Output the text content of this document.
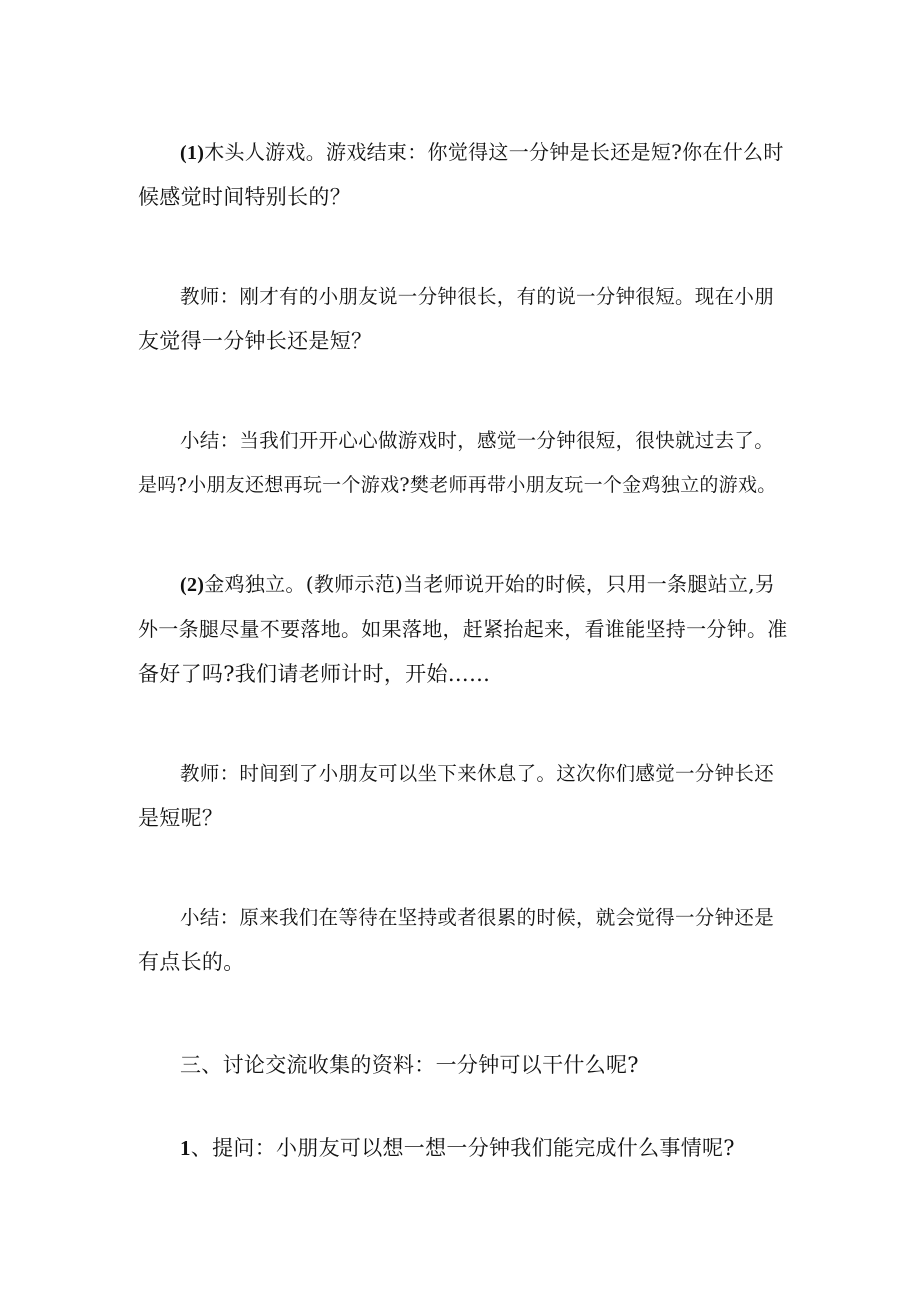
(1)木头人游戏。游戏结束：你觉得这一分钟是长还是短?你在什么时
候感觉时间特别长的？
教师：刚才有的小朋友说一分钟很长，有的说一分钟很短。现在小朋
友觉得一分钟长还是短？
小结：当我们开开心心做游戏时，感觉一分钟很短，很快就过去了。
是吗?小朋友还想再玩一个游戏?樊老师再带小朋友玩一个金鸡独立的游戏。
(2)金鸡独立。(教师示范)当老师说开始的时候，只用一条腿站立,另
外一条腿尽量不要落地。如果落地，赶紧抬起来，看谁能坚持一分钟。准
备好了吗?我们请老师计时，开始……
教师：时间到了小朋友可以坐下来休息了。这次你们感觉一分钟长还
是短呢？
小结：原来我们在等待在坚持或者很累的时候，就会觉得一分钟还是
有点长的。
三、讨论交流收集的资料：一分钟可以干什么呢?
1、提问：小朋友可以想一想一分钟我们能完成什么事情呢?
